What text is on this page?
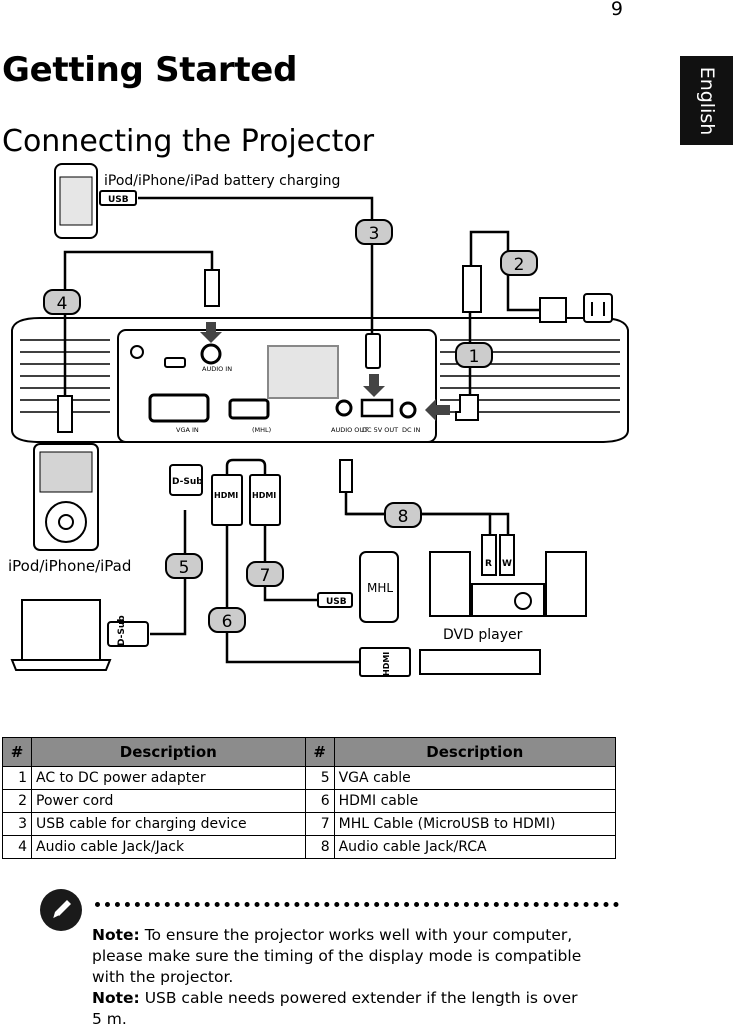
9
English
Getting Started
Connecting the Projector
1
2
3
4
5
6
7
8
iPod/iPhone/iPad battery charging
iPod/iPhone/iPad
DVD player
MHL
AUDIO IN
VGA IN	(MHL)	AUDIO OUT
DC 5V OUT DC IN
USB
USB
D-Sub
HDMI HDMI
D-Sub
HDMI
R W
#	Description	#	Description
1	AC to DC power adapter	5	VGA cable
2	Power cord	6	HDMI cable
3	USB cable for charging device	7	MHL Cable (MicroUSB to HDMI)
4	Audio cable Jack/Jack	8	Audio cable Jack/RCA
Note: To ensure the projector works well with your computer, please make sure the timing of the display mode is compatible with the projector.
Note: USB cable needs powered extender if the length is over 5 m.
